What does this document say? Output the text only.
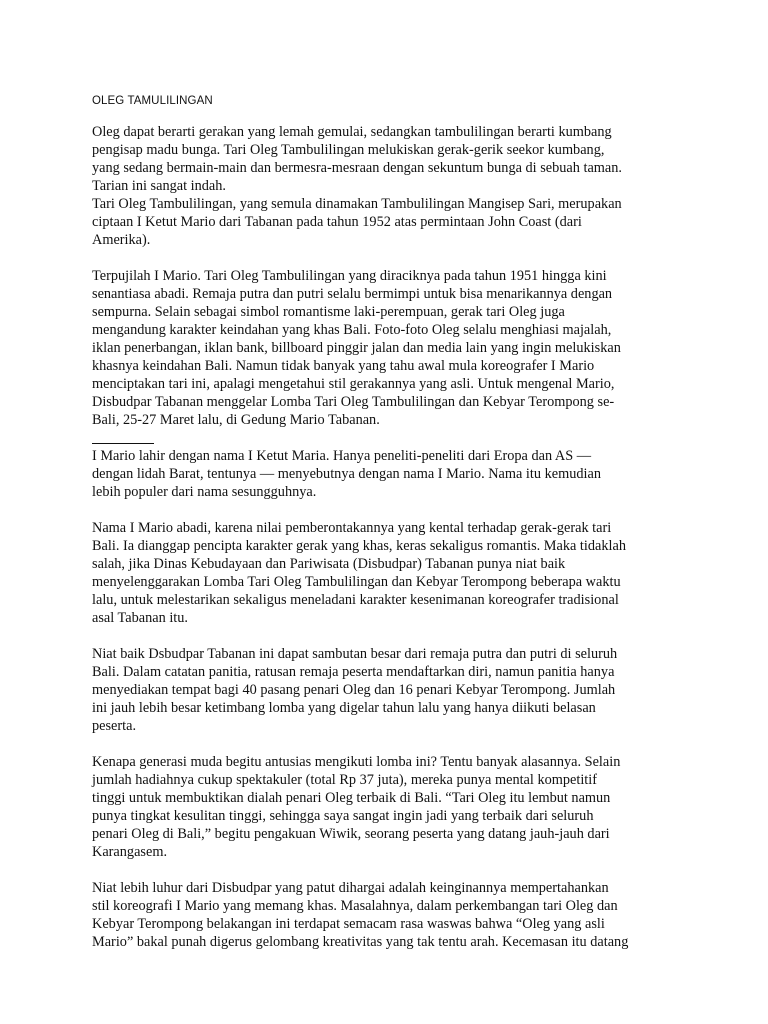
OLEG TAMULILINGAN

Oleg dapat berarti gerakan yang lemah gemulai, sedangkan tambulilingan berarti kumbang
pengisap madu bunga. Tari Oleg Tambulilingan melukiskan gerak-gerik seekor kumbang,
yang sedang bermain-main dan bermesra-mesraan dengan sekuntum bunga di sebuah taman.
Tarian ini sangat indah.

Tari Oleg Tambulilingan, yang semula dinamakan Tambulilingan Mangisep Sari, merupakan
ciptaan I Ketut Mario dari Tabanan pada tahun 1952 atas permintaan John Coast (dari
Amerika).

Terpujilah I Mario. Tari Oleg Tambulilingan yang diraciknya pada tahun 1951 hingga kini
senantiasa abadi. Remaja putra dan putri selalu bermimpi untuk bisa menarikannya dengan
sempurna. Selain sebagai simbol romantisme laki-perempuan, gerak tari Oleg juga
mengandung karakter keindahan yang khas Bali. Foto-foto Oleg selalu menghiasi majalah,
iklan penerbangan, iklan bank, billboard pinggir jalan dan media lain yang ingin melukiskan
khasnya keindahan Bali. Namun tidak banyak yang tahu awal mula koreografer I Mario
menciptakan tari ini, apalagi mengetahui stil gerakannya yang asli. Untuk mengenal Mario,
Disbudpar Tabanan menggelar Lomba Tari Oleg Tambulilingan dan Kebyar Terompong se-
Bali, 25-27 Maret lalu, di Gedung Mario Tabanan.

I Mario lahir dengan nama I Ketut Maria. Hanya peneliti-peneliti dari Eropa dan AS —
dengan lidah Barat, tentunya — menyebutnya dengan nama I Mario. Nama itu kemudian
lebih populer dari nama sesungguhnya.

Nama I Mario abadi, karena nilai pemberontakannya yang kental terhadap gerak-gerak tari
Bali. Ia dianggap pencipta karakter gerak yang khas, keras sekaligus romantis. Maka tidaklah
salah, jika Dinas Kebudayaan dan Pariwisata (Disbudpar) Tabanan punya niat baik
menyelenggarakan Lomba Tari Oleg Tambulilingan dan Kebyar Terompong beberapa waktu
lalu, untuk melestarikan sekaligus meneladani karakter kesenimanan koreografer tradisional
asal Tabanan itu.

Niat baik Dsbudpar Tabanan ini dapat sambutan besar dari remaja putra dan putri di seluruh
Bali. Dalam catatan panitia, ratusan remaja peserta mendaftarkan diri, namun panitia hanya
menyediakan tempat bagi 40 pasang penari Oleg dan 16 penari Kebyar Terompong. Jumlah
ini jauh lebih besar ketimbang lomba yang digelar tahun lalu yang hanya diikuti belasan
peserta.

Kenapa generasi muda begitu antusias mengikuti lomba ini? Tentu banyak alasannya. Selain
jumlah hadiahnya cukup spektakuler (total Rp 37 juta), mereka punya mental kompetitif
tinggi untuk membuktikan dialah penari Oleg terbaik di Bali. “Tari Oleg itu lembut namun
punya tingkat kesulitan tinggi, sehingga saya sangat ingin jadi yang terbaik dari seluruh
penari Oleg di Bali,” begitu pengakuan Wiwik, seorang peserta yang datang jauh-jauh dari
Karangasem.

Niat lebih luhur dari Disbudpar yang patut dihargai adalah keinginannya mempertahankan
stil koreografi I Mario yang memang khas. Masalahnya, dalam perkembangan tari Oleg dan
Kebyar Terompong belakangan ini terdapat semacam rasa waswas bahwa “Oleg yang asli
Mario” bakal punah digerus gelombang kreativitas yang tak tentu arah. Kecemasan itu datang
